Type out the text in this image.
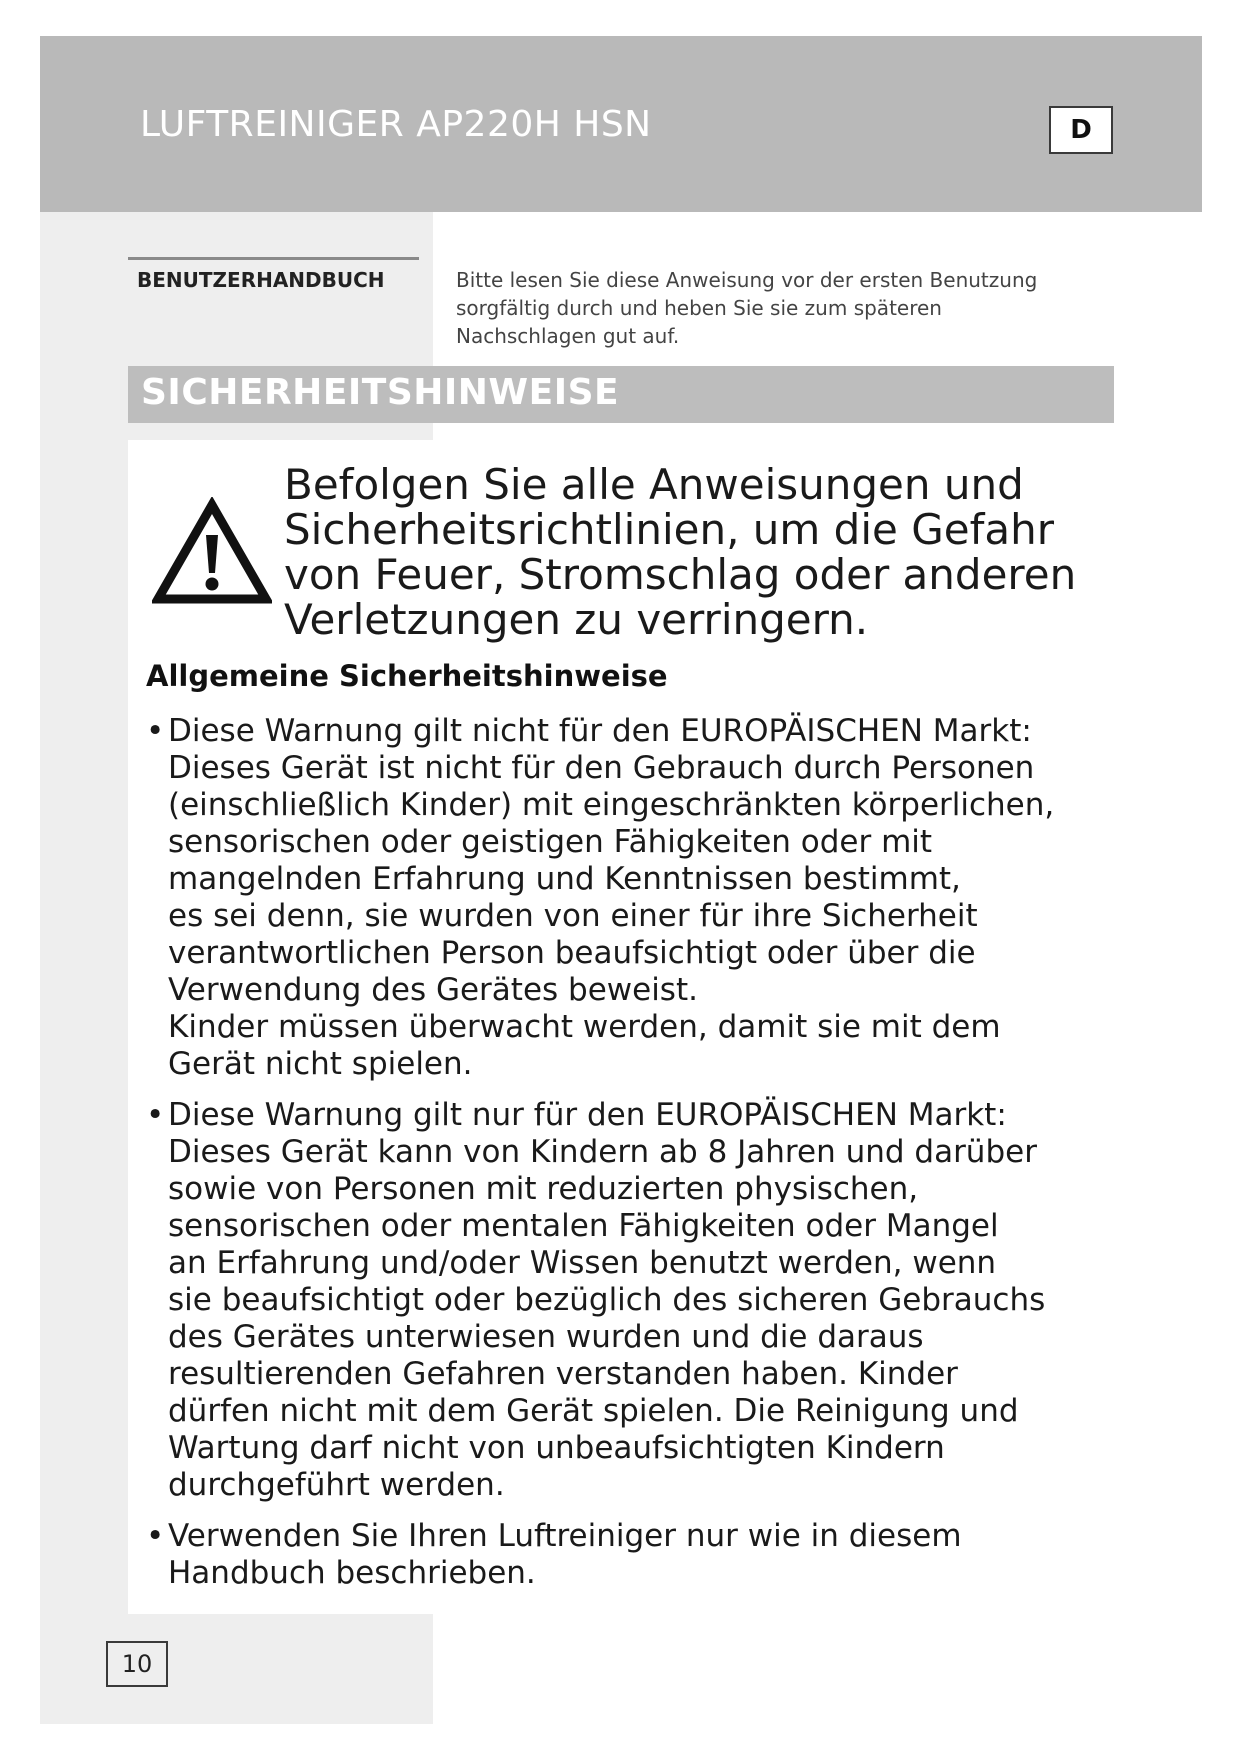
LUFTREINIGER AP220H HSN	D
BENUTZERHANDBUCH	Bitte lesen Sie diese Anweisung vor der ersten Benutzung
sorgfältig durch und heben Sie sie zum späteren
Nachschlagen gut auf.
SICHERHEITSHINWEISE
Befolgen Sie alle Anweisungen und
Sicherheitsrichtlinien, um die Gefahr
von Feuer, Stromschlag oder anderen
Verletzungen zu verringern.
Allgemeine Sicherheitshinweise
• Diese Warnung gilt nicht für den EUROPÄISCHEN Markt:
Dieses Gerät ist nicht für den Gebrauch durch Personen
(einschließlich Kinder) mit eingeschränkten körperlichen,
sensorischen oder geistigen Fähigkeiten oder mit
mangelnden Erfahrung und Kenntnissen bestimmt,
es sei denn, sie wurden von einer für ihre Sicherheit
verantwortlichen Person beaufsichtigt oder über die
Verwendung des Gerätes beweist.
Kinder müssen überwacht werden, damit sie mit dem
Gerät nicht spielen.
• Diese Warnung gilt nur für den EUROPÄISCHEN Markt:
Dieses Gerät kann von Kindern ab 8 Jahren und darüber
sowie von Personen mit reduzierten physischen,
sensorischen oder mentalen Fähigkeiten oder Mangel
an Erfahrung und/oder Wissen benutzt werden, wenn
sie beaufsichtigt oder bezüglich des sicheren Gebrauchs
des Gerätes unterwiesen wurden und die daraus
resultierenden Gefahren verstanden haben. Kinder
dürfen nicht mit dem Gerät spielen. Die Reinigung und
Wartung darf nicht von unbeaufsichtigten Kindern
durchgeführt werden.
• Verwenden Sie Ihren Luftreiniger nur wie in diesem
Handbuch beschrieben.
10
